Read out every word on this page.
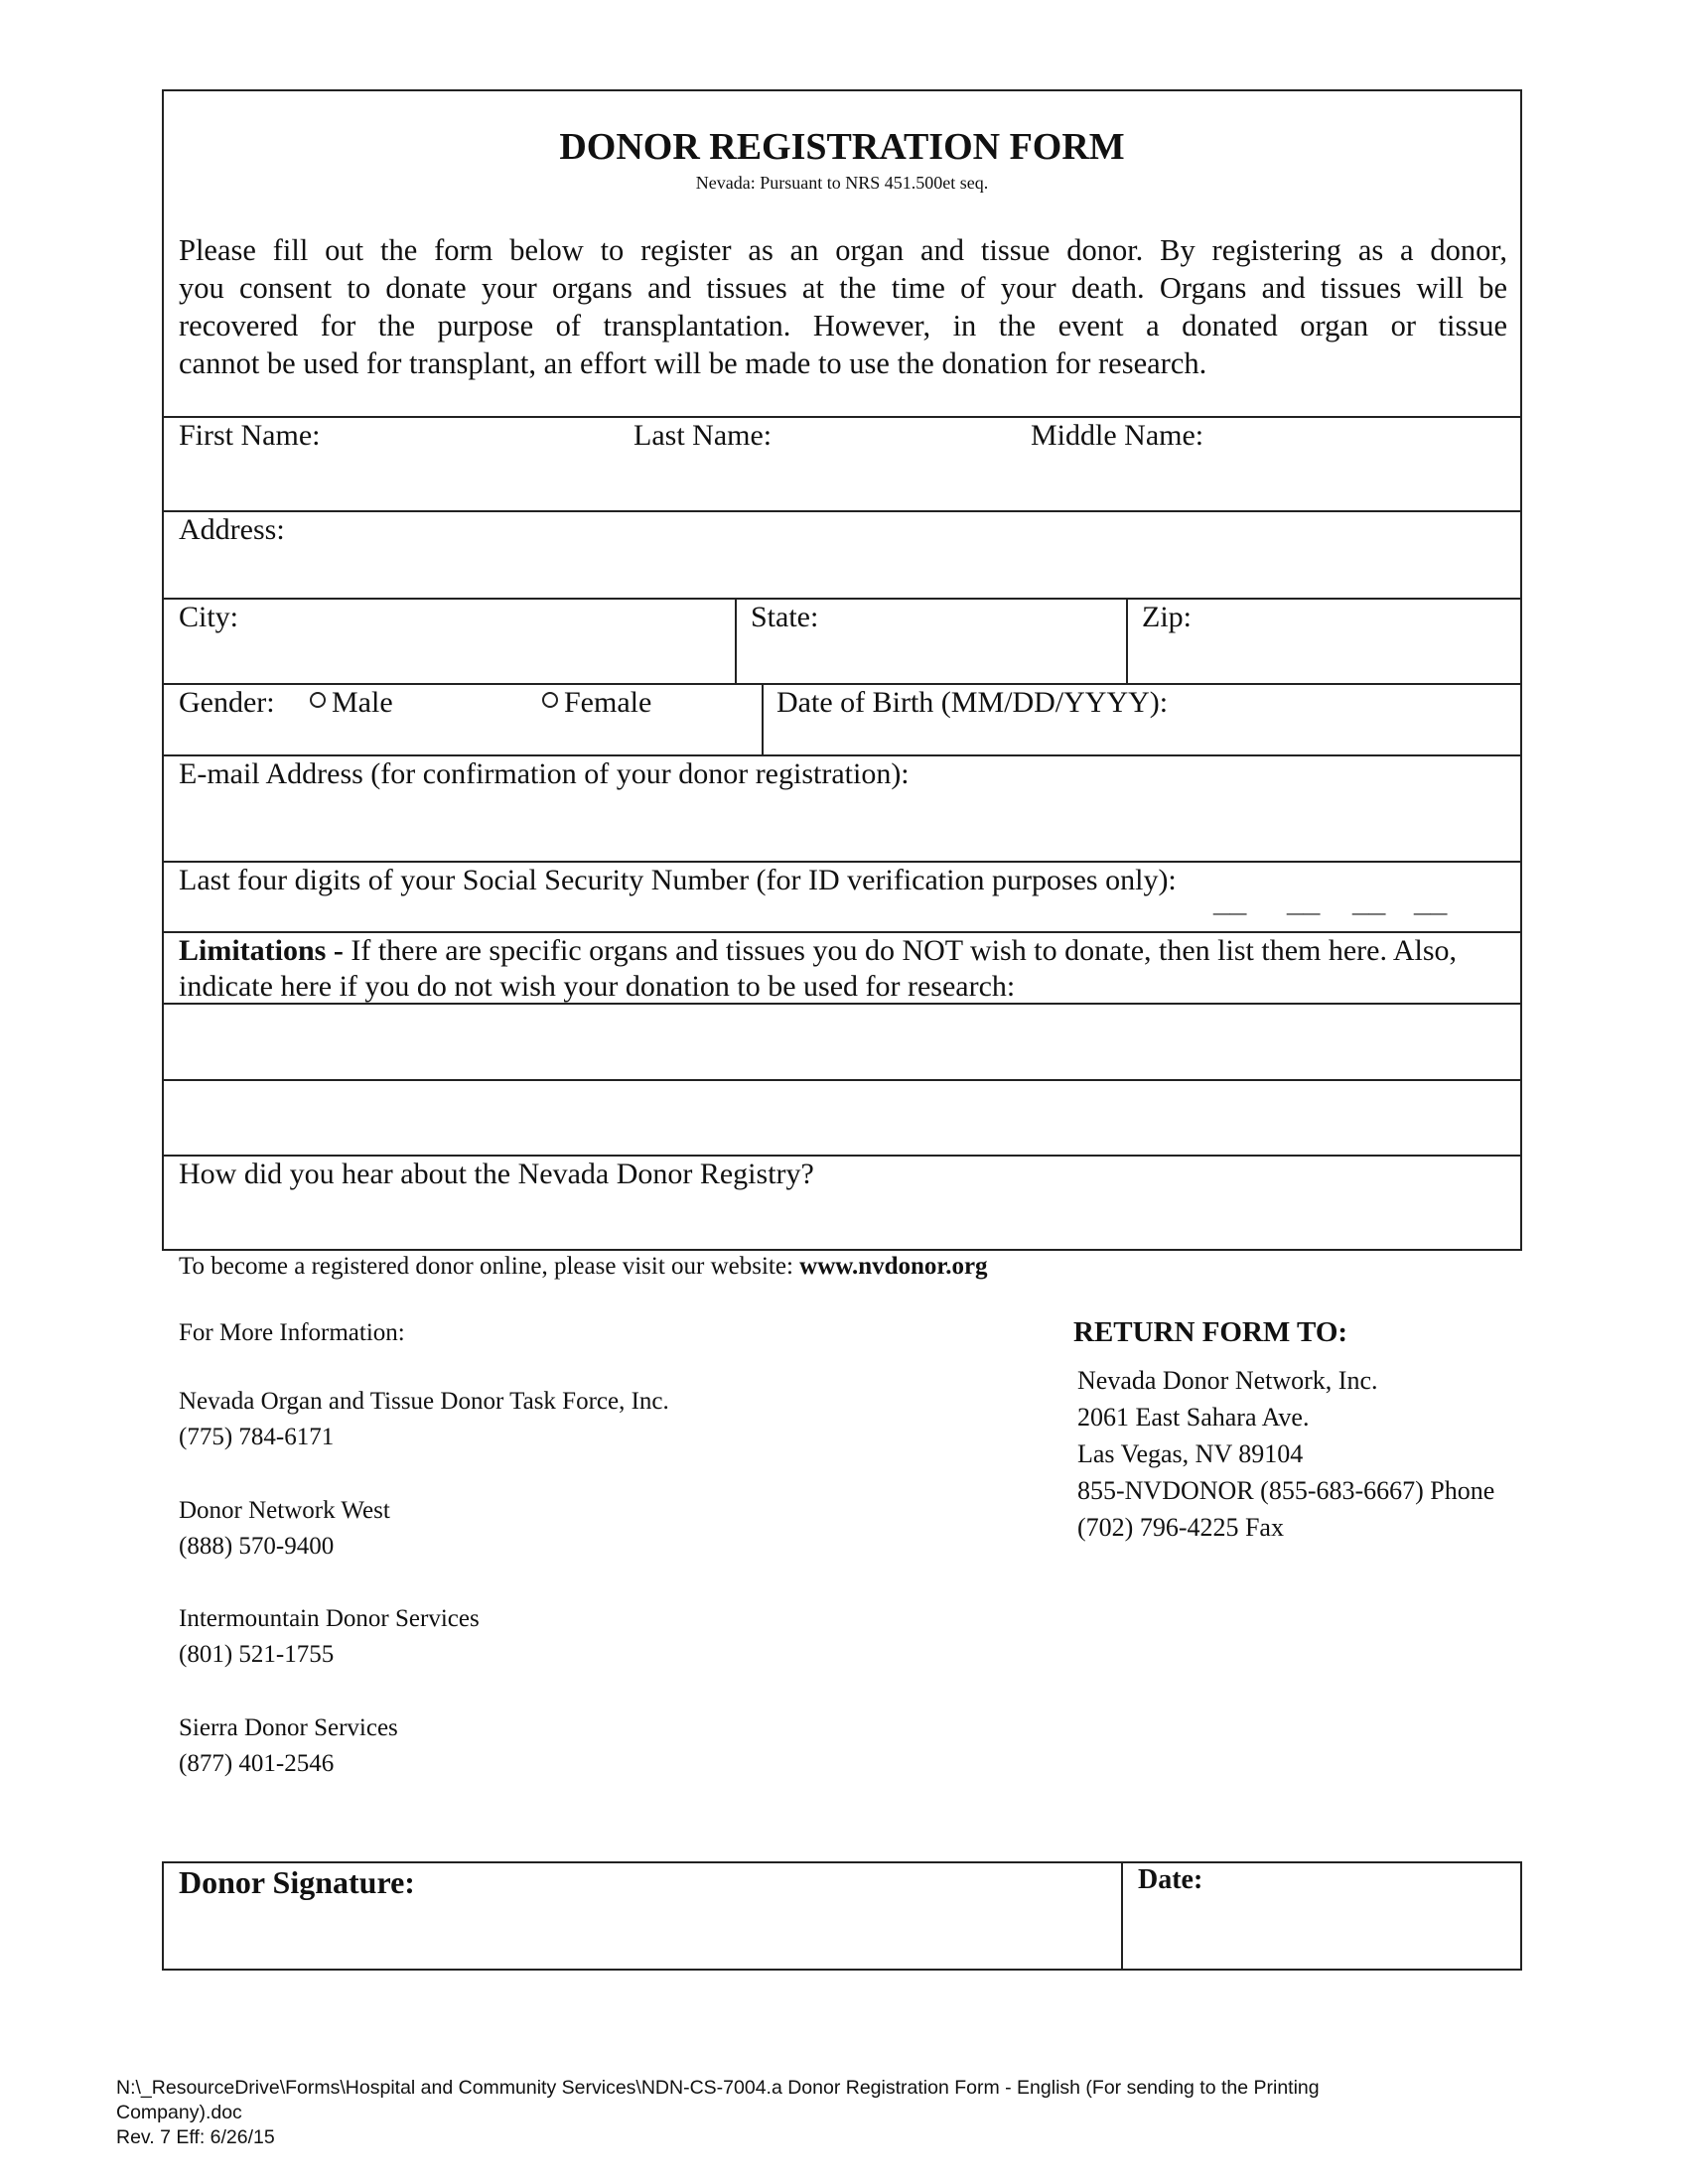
DONOR REGISTRATION FORM
Nevada: Pursuant to NRS 451.500et seq.
Please fill out the form below to register as an organ and tissue donor. By registering as a donor,
you consent to donate your organs and tissues at the time of your death. Organs and tissues will be
recovered for the purpose of transplantation. However, in the event a donated organ or tissue
cannot be used for transplant, an effort will be made to use the donation for research.
First Name:	Last Name:	Middle Name:
Address:
City:	State:	Zip:
Gender:	Male	Female	Date of Birth (MM/DD/YYYY):
E-mail Address (for confirmation of your donor registration):
Last four digits of your Social Security Number (for ID verification purposes only):
__ __ __ __
Limitations - If there are specific organs and tissues you do NOT wish to donate, then list them here. Also,
indicate here if you do not wish your donation to be used for research:
How did you hear about the Nevada Donor Registry?
To become a registered donor online, please visit our website: www.nvdonor.org
For More Information:
Nevada Organ and Tissue Donor Task Force, Inc.
(775) 784-6171
Donor Network West
(888) 570-9400
Intermountain Donor Services
(801) 521-1755
Sierra Donor Services
(877) 401-2546
RETURN FORM TO:
Nevada Donor Network, Inc.
2061 East Sahara Ave.
Las Vegas, NV 89104
855-NVDONOR (855-683-6667) Phone
(702) 796-4225 Fax
Donor Signature:	Date:
N:\_ResourceDrive\Forms\Hospital and Community Services\NDN-CS-7004.a Donor Registration Form - English (For sending to the Printing
Company).doc
Rev. 7 Eff: 6/26/15
